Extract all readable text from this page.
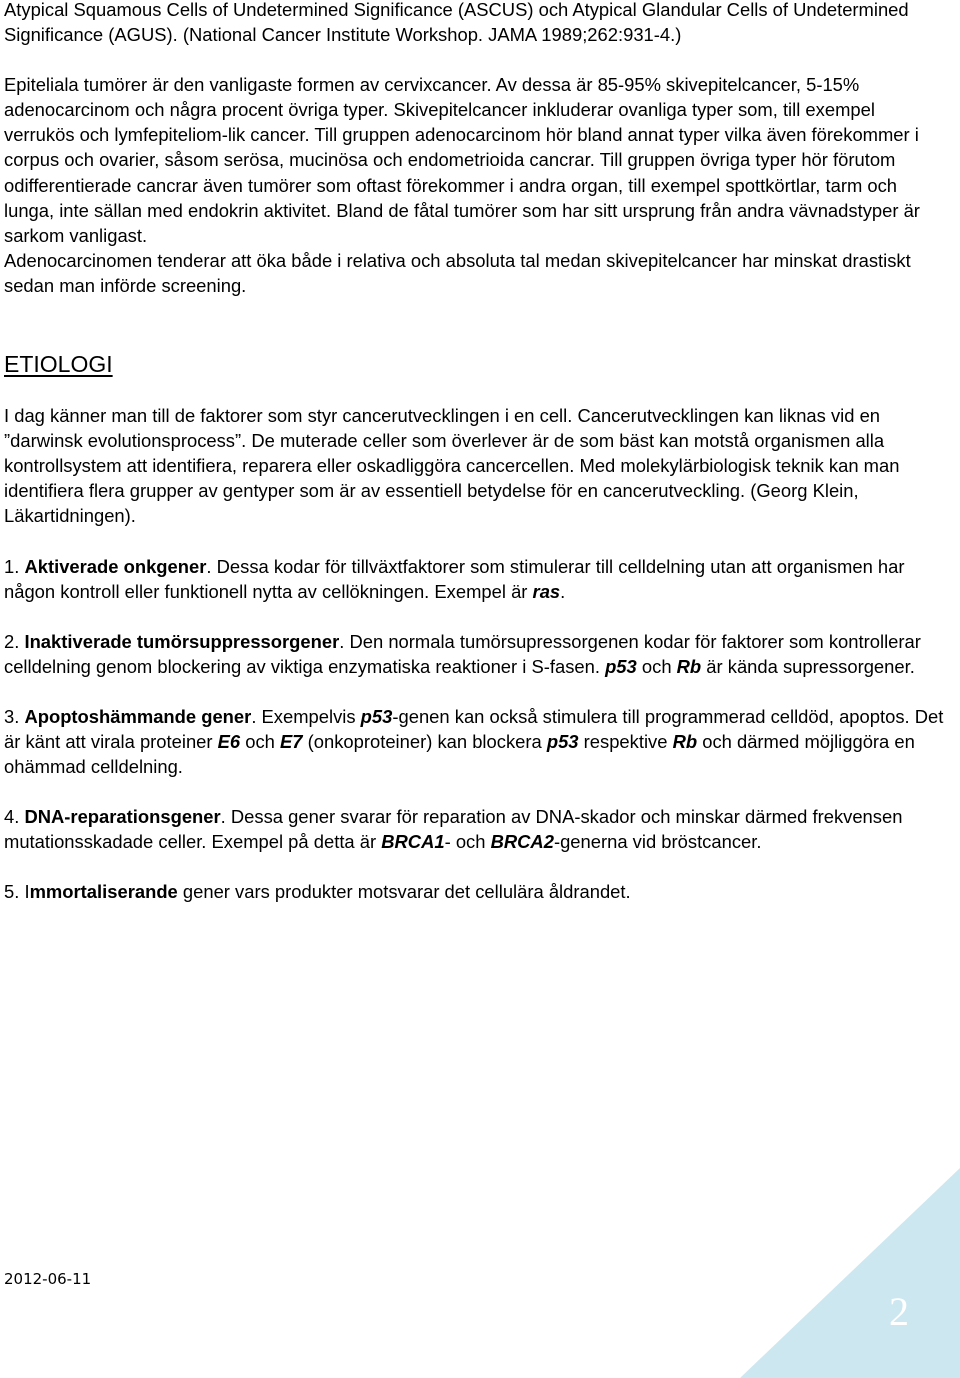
Atypical Squamous Cells of Undetermined Significance (ASCUS) och Atypical Glandular Cells of Undetermined Significance (AGUS). (National Cancer Institute Workshop. JAMA 1989;262:931-4.)

Epiteliala tumörer är den vanligaste formen av cervixcancer. Av dessa är 85-95% skivepitelcancer, 5-15% adenocarcinom och några procent övriga typer. Skivepitelcancer inkluderar ovanliga typer som, till exempel verrukös och lymfepiteliom-lik cancer. Till gruppen adenocarcinom hör bland annat typer vilka även förekommer i corpus och ovarier, såsom serösa, mucinösa och endometrioida cancrar. Till gruppen övriga typer hör förutom odifferentierade cancrar även tumörer som oftast förekommer i andra organ, till exempel spottkörtlar, tarm och lunga, inte sällan med endokrin aktivitet. Bland de fåtal tumörer som har sitt ursprung från andra vävnadstyper är sarkom vanligast.

Adenocarcinomen tenderar att öka både i relativa och absoluta tal medan skivepitelcancer har minskat drastiskt sedan man införde screening.

ETIOLOGI

I dag känner man till de faktorer som styr cancerutvecklingen i en cell. Cancerutvecklingen kan liknas vid en ”darwinsk evolutionsprocess”. De muterade celler som överlever är de som bäst kan motstå organismen alla kontrollsystem att identifiera, reparera eller oskadliggöra cancercellen. Med molekylärbiologisk teknik kan man identifiera flera grupper av gentyper som är av essentiell betydelse för en cancerutveckling. (Georg Klein, Läkartidningen).

1. Aktiverade onkgener. Dessa kodar för tillväxtfaktorer som stimulerar till celldelning utan att organismen har någon kontroll eller funktionell nytta av cellökningen. Exempel är ras.

2. Inaktiverade tumörsuppressorgener. Den normala tumörsupressorgenen kodar för faktorer som kontrollerar celldelning genom blockering av viktiga enzymatiska reaktioner i S-fasen. p53 och Rb är kända supressorgener.

3. Apoptoshämmande gener. Exempelvis p53-genen kan också stimulera till programmerad celldöd, apoptos. Det är känt att virala proteiner E6 och E7 (onkoproteiner) kan blockera p53 respektive Rb och därmed möjliggöra en ohämmad celldelning.

4. DNA-reparationsgener. Dessa gener svarar för reparation av DNA-skador och minskar därmed frekvensen mutationsskadade celler. Exempel på detta är BRCA1- och BRCA2-generna vid bröstcancer.

5. Immortaliserande gener vars produkter motsvarar det cellulära åldrandet.

2012-06-11
2
